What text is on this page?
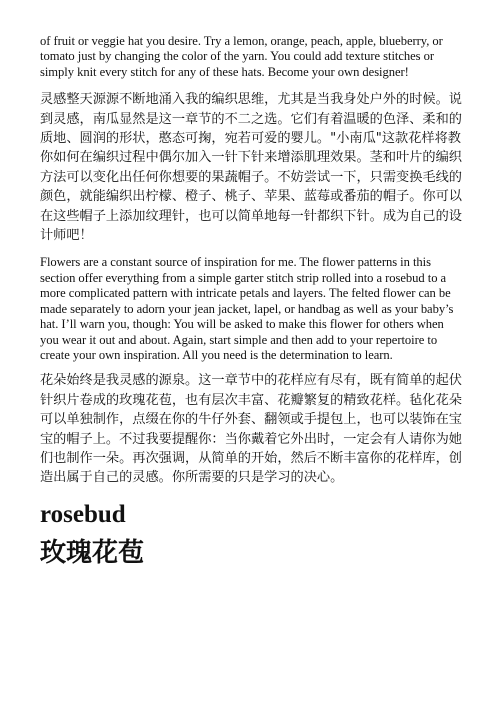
of fruit or veggie hat you desire. Try a lemon, orange, peach, apple, blueberry, or tomato just by changing the color of the yarn. You could add texture stitches or simply knit every stitch for any of these hats. Become your own designer!

灵感整天源源不断地涌入我的编织思维，尤其是当我身处户外的时候。说到灵感，南瓜显然是这一章节的不二之选。它们有着温暖的色泽、柔和的质地、圆润的形状，憨态可掬，宛若可爱的婴儿。"小南瓜"这款花样将教你如何在编织过程中偶尔加入一针下针来增添肌理效果。茎和叶片的编织方法可以变化出任何你想要的果蔬帽子。不妨尝试一下，只需变换毛线的颜色，就能编织出柠檬、橙子、桃子、苹果、蓝莓或番茄的帽子。你可以在这些帽子上添加纹理针，也可以简单地每一针都织下针。成为自己的设计师吧！

Flowers are a constant source of inspiration for me. The flower patterns in this section offer everything from a simple garter stitch strip rolled into a rosebud to a more complicated pattern with intricate petals and layers. The felted flower can be made separately to adorn your jean jacket, lapel, or handbag as well as your baby’s hat. I’ll warn you, though: You will be asked to make this flower for others when you wear it out and about. Again, start simple and then add to your repertoire to create your own inspiration. All you need is the determination to learn.

花朵始终是我灵感的源泉。这一章节中的花样应有尽有，既有简单的起伏针织片卷成的玫瑰花苞，也有层次丰富、花瓣繁复的精致花样。毡化花朵可以单独制作，点缀在你的牛仔外套、翻领或手提包上，也可以装饰在宝宝的帽子上。不过我要提醒你：当你戴着它外出时，一定会有人请你为她们也制作一朵。再次强调，从简单的开始，然后不断丰富你的花样库，创造出属于自己的灵感。你所需要的只是学习的决心。

rosebud
玫瑰花苞
